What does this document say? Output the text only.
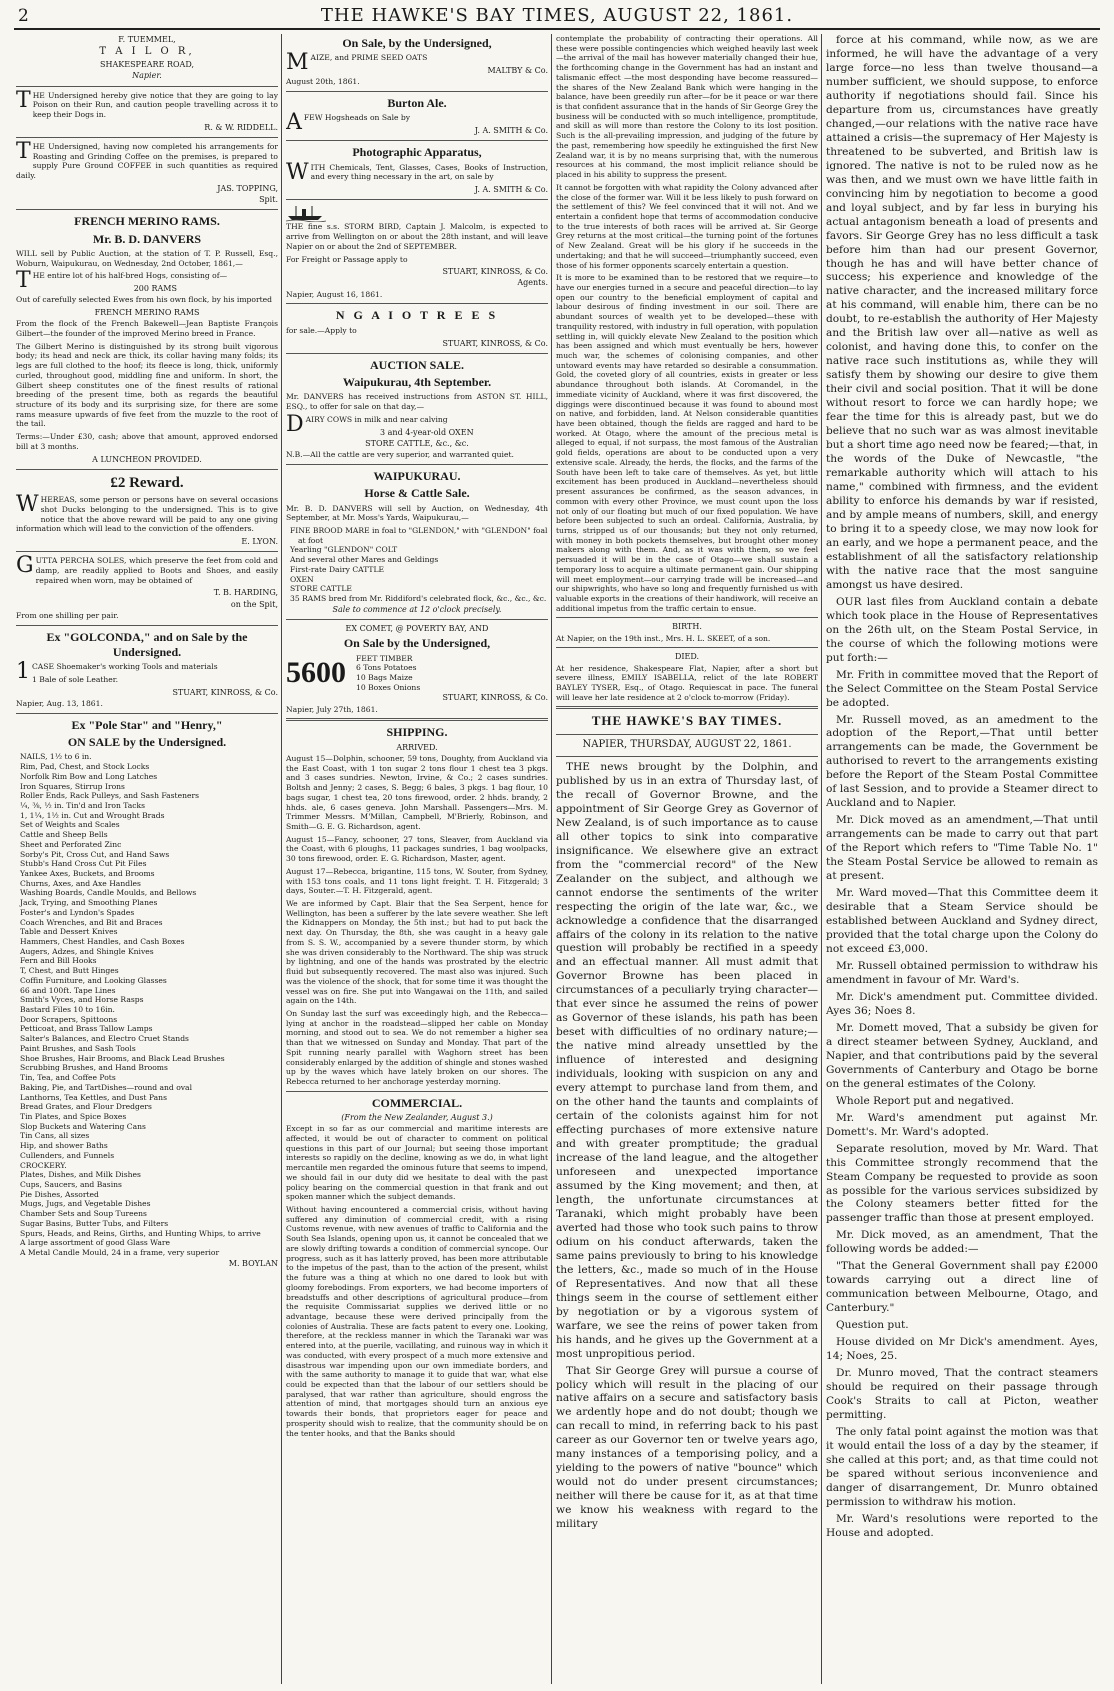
2	THE HAWKE'S BAY TIMES, AUGUST 22, 1861.
F. TUEMMEL,
T A I L O R,
SHAKESPEARE ROAD,
Napier.

THE Undersigned hereby give notice that they are going to lay Poison on their Run, and caution people travelling across it to keep their Dogs in.

R. & W. RIDDELL.

THE Undersigned, having now completed his arrangements for Roasting and Grinding Coffee on the premises, is prepared to supply Pure Ground COFFEE in such quantities as required daily.

JAS. TOPPING,
Spit.
FRENCH MERINO RAMS.
Mr. B. D. DANVERS

WILL sell by Public Auction, at the station of T. P. Russell, Esq., Woburn, Waipukurau, on Wednesday, 2nd October, 1861,—

THE entire lot of his half-bred Hogs, consisting of—

200 RAMS

Out of carefully selected Ewes from his own flock, by his imported

FRENCH MERINO RAMS

From the flock of the French Bakewell—Jean Baptiste François Gilbert—the founder of the improved Merino breed in France.

The Gilbert Merino is distinguished by its strong built vigorous body; its head and neck are thick, its collar having many folds; its legs are full clothed to the hoof; its fleece is long, thick, uniformly curled, throughout good, middling fine and uniform. In short, the Gilbert sheep constitutes one of the finest results of rational breeding of the present time, both as regards the beautiful structure of its body and its surprising size, for there are some rams measure upwards of five feet from the muzzle to the root of the tail.

Terms:—Under £30, cash; above that amount, approved endorsed bill at 3 months.

A LUNCHEON PROVIDED.
£2 Reward.

WHEREAS, some person or persons have on several occasions shot Ducks belonging to the undersigned. This is to give notice that the above reward will be paid to any one giving information which will lead to the conviction of the offenders.

E. LYON.

GUTTA PERCHA SOLES, which preserve the feet from cold and damp, are readily applied to Boots and Shoes, and easily repaired when worn, may be obtained of

T. B. HARDING,
on the Spit,

From one shilling per pair.

Ex "GOLCONDA," and on Sale by the Undersigned.

1CASE Shoemaker's working Tools and materials

1 Bale of sole Leather.

STUART, KINROSS, & Co.

Napier, Aug. 13, 1861.

Ex "Pole Star" and "Henry,"
ON SALE by the Undersigned.
NAILS, 1½ to 6 in.
Rim, Pad, Chest, and Stock Locks
Norfolk Rim Bow and Long Latches
Iron Squares, Stirrup Irons
Roller Ends, Rack Pulleys, and Sash Fasteners
¼, ⅜, ½ in. Tin'd and Iron Tacks
1, 1¼, 1½ in. Cut and Wrought Brads
Set of Weights and Scales
Cattle and Sheep Bells
Sheet and Perforated Zinc
Sorby's Pit, Cross Cut, and Hand Saws
Stubb's Hand Cross Cut Pit Files
Yankee Axes, Buckets, and Brooms
Churns, Axes, and Axe Handles
Washing Boards, Candle Moulds, and Bellows
Jack, Trying, and Smoothing Planes
Foster's and Lyndon's Spades
Coach Wrenches, and Bit and Braces
Table and Dessert Knives
Hammers, Chest Handles, and Cash Boxes
Augers, Adzes, and Shingle Knives
Fern and Bill Hooks
T, Chest, and Butt Hinges
Coffin Furniture, and Looking Glasses
66 and 100ft. Tape Lines
Smith's Vyces, and Horse Rasps
Bastard Files 10 to 16in.
Door Scrapers, Spittoons
Petticoat, and Brass Tallow Lamps
Salter's Balances, and Electro Cruet Stands
Paint Brushes, and Sash Tools
Shoe Brushes, Hair Brooms, and Black Lead Brushes
Scrubbing Brushes, and Hand Brooms
Tin, Tea, and Coffee Pots
Baking, Pie, and TartDishes—round and oval
Lanthorns, Tea Kettles, and Dust Pans
Bread Grates, and Flour Dredgers
Tin Plates, and Spice Boxes
Slop Buckets and Watering Cans
Tin Cans, all sizes
Hip, and shower Baths
Cullenders, and Funnels
CROCKERY.
Plates, Dishes, and Milk Dishes
Cups, Saucers, and Basins
Pie Dishes, Assorted
Mugs, Jugs, and Vegetable Dishes
Chamber Sets and Soup Tureens
Sugar Basins, Butter Tubs, and Filters
Spurs, Heads, and Reins, Girths, and Hunting Whips, to arrive
A large assortment of good Glass Ware
A Metal Candle Mould, 24 in a frame, very superior
M. BOYLAN
On Sale, by the Undersigned,

MAIZE, and PRIME SEED OATS

MALTBY & Co.

August 20th, 1861.

Burton Ale.

AFEW Hogsheads on Sale by

J. A. SMITH & Co.
Photographic Apparatus,

WITH Chemicals, Tent, Glasses, Cases, Books of Instruction, and every thing necessary in the art, on sale by

J. A. SMITH & Co.

THE fine s.s. STORM BIRD, Captain J. Malcolm, is expected to arrive from Wellington on or about the 28th instant, and will leave Napier on or about the 2nd of SEPTEMBER.

For Freight or Passage apply to

STUART, KINROSS, & Co.
Agents.

Napier, August 16, 1861.

N G A I O T R E E S

for sale.—Apply to

STUART, KINROSS, & Co.
AUCTION SALE.
Waipukurau, 4th September.

Mr. DANVERS has received instructions from ASTON ST. HILL, ESQ., to offer for sale on that day,—

DAIRY COWS in milk and near calving

3 and 4-year-old OXEN
STORE CATTLE, &c., &c.

N.B.—All the cattle are very superior, and warranted quiet.

WAIPUKURAU.
Horse & Cattle Sale.

Mr. B. D. DANVERS will sell by Auction, on Wednesday, 4th September, at Mr. Moss's Yards, Waipukurau,—

FINE BROOD MARE in foal to "GLENDON," with "GLENDON" foal at foot
Yearling "GLENDON" COLT
And several other Mares and Geldings
First-rate Dairy CATTLE
OXEN
STORE CATTLE
35 RAMS bred from Mr. Riddiford's celebrated flock, &c., &c., &c.
Sale to commence at 12 o'clock precisely.
EX COMET, @ POVERTY BAY, AND
On Sale by the Undersigned,
5600	FEET TIMBER
6 Tons Potatoes
10 Bags Maize
10 Boxes Onions
STUART, KINROSS, & Co.

Napier, July 27th, 1861.

SHIPPING.
ARRIVED.

August 15—Dolphin, schooner, 59 tons, Doughty, from Auckland via the East Coast, with 1 ton sugar 2 tons flour 1 chest tea 3 pkgs. and 3 cases sundries. Newton, Irvine, & Co.; 2 cases sundries. Boltsh and Jenny; 2 cases, S. Begg; 6 bales, 3 pkgs. 1 bag flour, 10 bags sugar, 1 chest tea, 20 tons firewood, order. 2 hhds. brandy, 2 hhds. ale, 6 cases geneva. John Marshall. Passengers—Mrs. M. Trimmer Messrs. M'Millan, Campbell, M'Brierly, Robinson, and Smith—G. E. G. Richardson, agent.

August 15—Fancy, schooner, 27 tons, Sleaver, from Auckland via the Coast, with 6 ploughs, 11 packages sundries, 1 bag woolpacks, 30 tons firewood, order. E. G. Richardson, Master, agent.

August 17—Rebecca, brigantine, 115 tons, W. Souter, from Sydney, with 153 tons coals, and 11 tons light freight. T. H. Fitzgerald; 3 days, Souter.—T. H. Fitzgerald, agent.

We are informed by Capt. Blair that the Sea Serpent, hence for Wellington, has been a sufferer by the late severe weather. She left the Kidnappers on Monday, the 5th inst.; but had to put back the next day. On Thursday, the 8th, she was caught in a heavy gale from S. S. W., accompanied by a severe thunder storm, by which she was driven considerably to the Northward. The ship was struck by lightning, and one of the hands was prostrated by the electric fluid but subsequently recovered. The mast also was injured. Such was the violence of the shock, that for some time it was thought the vessel was on fire. She put into Wangawai on the 11th, and sailed again on the 14th.

On Sunday last the surf was exceedingly high, and the Rebecca—lying at anchor in the roadstead—slipped her cable on Monday morning, and stood out to sea. We do not remember a higher sea than that we witnessed on Sunday and Monday. That part of the Spit running nearly parallel with Waghorn street has been considerably enlarged by the addition of shingle and stones washed up by the waves which have lately broken on our shores. The Rebecca returned to her anchorage yesterday morning.

COMMERCIAL.
(From the New Zealander, August 3.)

Except in so far as our commercial and maritime interests are affected, it would be out of character to comment on political questions in this part of our Journal; but seeing those important interests so rapidly on the decline, knowing as we do, in what light mercantile men regarded the ominous future that seems to impend, we should fail in our duty did we hesitate to deal with the past policy bearing on the commercial question in that frank and out spoken manner which the subject demands.

Without having encountered a commercial crisis, without having suffered any diminution of commercial credit, with a rising Customs revenue, with new avenues of traffic to California and the South Sea Islands, opening upon us, it cannot be concealed that we are slowly drifting towards a condition of commercial syncope. Our progress, such as it has latterly proved, has been more attributable to the impetus of the past, than to the action of the present, whilst the future was a thing at which no one dared to look but with gloomy forebodings. From exporters, we had become importers of breadstuffs and other descriptions of agricultural produce—from the requisite Commissariat supplies we derived little or no advantage, because these were derived principally from the colonies of Australia. These are facts patent to every one. Looking, therefore, at the reckless manner in which the Taranaki war was entered into, at the puerile, vacillating, and ruinous way in which it was conducted, with every prospect of a much more extensive and disastrous war impending upon our own immediate borders, and with the same authority to manage it to guide that war, what else could be expected than that the labour of our settlers should be paralysed, that war rather than agriculture, should engross the attention of mind, that mortgages should turn an anxious eye towards their bonds, that proprietors eager for peace and prosperity should wish to realize, that the community should be on the tenter hooks, and that the Banks should

contemplate the probability of contracting their operations. All these were possible contingencies which weighed heavily last week—the arrival of the mail has however materially changed their hue, the forthcoming change in the Government has had an instant and talismanic effect —the most desponding have become reassured—the shares of the New Zealand Bank which were hanging in the balance, have been greedily run after—for be it peace or war there is that confident assurance that in the hands of Sir George Grey the business will be conducted with so much intelligence, promptitude, and skill as will more than restore the Colony to its lost position. Such is the all-prevailing impression, and judging of the future by the past, remembering how speedily he extinguished the first New Zealand war, it is by no means surprising that, with the numerous resources at his command, the most implicit reliance should be placed in his ability to suppress the present.

It cannot be forgotten with what rapidity the Colony advanced after the close of the former war. Will it be less likely to push forward on the settlement of this? We feel convinced that it will not. And we entertain a confident hope that terms of accommodation conducive to the true interests of both races will be arrived at. Sir George Grey returns at the most critical—the turning point of the fortunes of New Zealand. Great will be his glory if he succeeds in the undertaking; and that he will succeed—triumphantly succeed, even those of his former opponents scarcely entertain a question.

It is more to be examined than to be restored that we require—to have our energies turned in a secure and peaceful direction—to lay open our country to the beneficial employment of capital and labour desirous of finding investment in our soil. There are abundant sources of wealth yet to be developed—these with tranquility restored, with industry in full operation, with population settling in, will quickly elevate New Zealand to the position which has been assigned and which must eventually be hers, however much war, the schemes of colonising companies, and other untoward events may have retarded so desirable a consummation. Gold, the coveted glory of all countries, exists in greater or less abundance throughout both islands. At Coromandel, in the immediate vicinity of Auckland, where it was first discovered, the diggings were discontinued because it was found to abound most on native, and forbidden, land. At Nelson considerable quantities have been obtained, though the fields are ragged and hard to be worked. At Otago, where the amount of the precious metal is alleged to equal, if not surpass, the most famous of the Australian gold fields, operations are about to be conducted upon a very extensive scale. Already, the herds, the flocks, and the farms of the South have been left to take care of themselves. As yet, but little excitement has been produced in Auckland—nevertheless should present assurances be confirmed, as the season advances, in common with every other Province, we must count upon the loss not only of our floating but much of our fixed population. We have before been subjected to such an ordeal. California, Australia, by turns, stripped us of our thousands; but they not only returned, with money in both pockets themselves, but brought other money makers along with them. And, as it was with them, so we feel persuaded it will be in the case of Otago—we shall sustain a temporary loss to acquire a ultimate permanent gain. Our shipping will meet employment—our carrying trade will be increased—and our shipwrights, who have so long and frequently furnished us with valuable exports in the creations of their handiwork, will receive an additional impetus from the traffic certain to ensue.

BIRTH.

At Napier, on the 19th inst., Mrs. H. L. SKEET, of a son.

DIED.

At her residence, Shakespeare Flat, Napier, after a short but severe illness, EMILY ISABELLA, relict of the late ROBERT BAYLEY TYSER, Esq., of Otago. Requiescat in pace. The funeral will leave her late residence at 2 o'clock to-morrow (Friday).

THE HAWKE'S BAY TIMES.
NAPIER, THURSDAY, AUGUST 22, 1861.

THE news brought by the Dolphin, and published by us in an extra of Thursday last, of the recall of Governor Browne, and the appointment of Sir George Grey as Governor of New Zealand, is of such importance as to cause all other topics to sink into comparative insignificance. We elsewhere give an extract from the "commercial record" of the New Zealander on the subject, and although we cannot endorse the sentiments of the writer respecting the origin of the late war, &c., we acknowledge a confidence that the disarranged affairs of the colony in its relation to the native question will probably be rectified in a speedy and an effectual manner. All must admit that Governor Browne has been placed in circumstances of a peculiarly trying character—that ever since he assumed the reins of power as Governor of these islands, his path has been beset with difficulties of no ordinary nature;—the native mind already unsettled by the influence of interested and designing individuals, looking with suspicion on any and every attempt to purchase land from them, and on the other hand the taunts and complaints of certain of the colonists against him for not effecting purchases of more extensive nature and with greater promptitude; the gradual increase of the land league, and the altogether unforeseen and unexpected importance assumed by the King movement; and then, at length, the unfortunate circumstances at Taranaki, which might probably have been averted had those who took such pains to throw odium on his conduct afterwards, taken the same pains previously to bring to his knowledge the letters, &c., made so much of in the House of Representatives. And now that all these things seem in the course of settlement either by negotiation or by a vigorous system of warfare, we see the reins of power taken from his hands, and he gives up the Government at a most unpropitious period.

That Sir George Grey will pursue a course of policy which will result in the placing of our native affairs on a secure and satisfactory basis we ardently hope and do not doubt; though we can recall to mind, in referring back to his past career as our Governor ten or twelve years ago, many instances of a temporising policy, and a yielding to the powers of native "bounce" which would not do under present circumstances; neither will there be cause for it, as at that time we know his weakness with regard to the military

force at his command, while now, as we are informed, he will have the advantage of a very large force—no less than twelve thousand—a number sufficient, we should suppose, to enforce authority if negotiations should fail. Since his departure from us, circumstances have greatly changed,—our relations with the native race have attained a crisis—the supremacy of Her Majesty is threatened to be subverted, and British law is ignored. The native is not to be ruled now as he was then, and we must own we have little faith in convincing him by negotiation to become a good and loyal subject, and by far less in burying his actual antagonism beneath a load of presents and favors. Sir George Grey has no less difficult a task before him than had our present Governor, though he has and will have better chance of success; his experience and knowledge of the native character, and the increased military force at his command, will enable him, there can be no doubt, to re-establish the authority of Her Majesty and the British law over all—native as well as colonist, and having done this, to confer on the native race such institutions as, while they will satisfy them by showing our desire to give them their civil and social position. That it will be done without resort to force we can hardly hope; we fear the time for this is already past, but we do believe that no such war as was almost inevitable but a short time ago need now be feared;—that, in the words of the Duke of Newcastle, "the remarkable authority which will attach to his name," combined with firmness, and the evident ability to enforce his demands by war if resisted, and by ample means of numbers, skill, and energy to bring it to a speedy close, we may now look for an early, and we hope a permanent peace, and the establishment of all the satisfactory relationship with the native race that the most sanguine amongst us have desired.

OUR last files from Auckland contain a debate which took place in the House of Representatives on the 26th ult, on the Steam Postal Service, in the course of which the following motions were put forth:—

Mr. Frith in committee moved that the Report of the Select Committee on the Steam Postal Service be adopted.

Mr. Russell moved, as an amedment to the adoption of the Report,—That until better arrangements can be made, the Government be authorised to revert to the arrangements existing before the Report of the Steam Postal Committee of last Session, and to provide a Steamer direct to Auckland and to Napier.

Mr. Dick moved as an amendment,—That until arrangements can be made to carry out that part of the Report which refers to "Time Table No. 1" the Steam Postal Service be allowed to remain as at present.

Mr. Ward moved—That this Committee deem it desirable that a Steam Service should be established between Auckland and Sydney direct, provided that the total charge upon the Colony do not exceed £3,000.

Mr. Russell obtained permission to withdraw his amendment in favour of Mr. Ward's.

Mr. Dick's amendment put. Committee divided. Ayes 36; Noes 8.

Mr. Domett moved, That a subsidy be given for a direct steamer between Sydney, Auckland, and Napier, and that contributions paid by the several Governments of Canterbury and Otago be borne on the general estimates of the Colony.

Whole Report put and negatived.

Mr. Ward's amendment put against Mr. Domett's. Mr. Ward's adopted.

Separate resolution, moved by Mr. Ward. That this Committee strongly recommend that the Steam Company be requested to provide as soon as possible for the various services subsidized by the Colony steamers better fitted for the passenger traffic than those at present employed.

Mr. Dick moved, as an amendment, That the following words be added:—

"That the General Government shall pay £2000 towards carrying out a direct line of communication between Melbourne, Otago, and Canterbury."

Question put.

House divided on Mr Dick's amendment. Ayes, 14; Noes, 25.

Dr. Munro moved, That the contract steamers should be required on their passage through Cook's Straits to call at Picton, weather permitting.

The only fatal point against the motion was that it would entail the loss of a day by the steamer, if she called at this port; and, as that time could not be spared without serious inconvenience and danger of disarrangement, Dr. Munro obtained permission to withdraw his motion.

Mr. Ward's resolutions were reported to the House and adopted.
